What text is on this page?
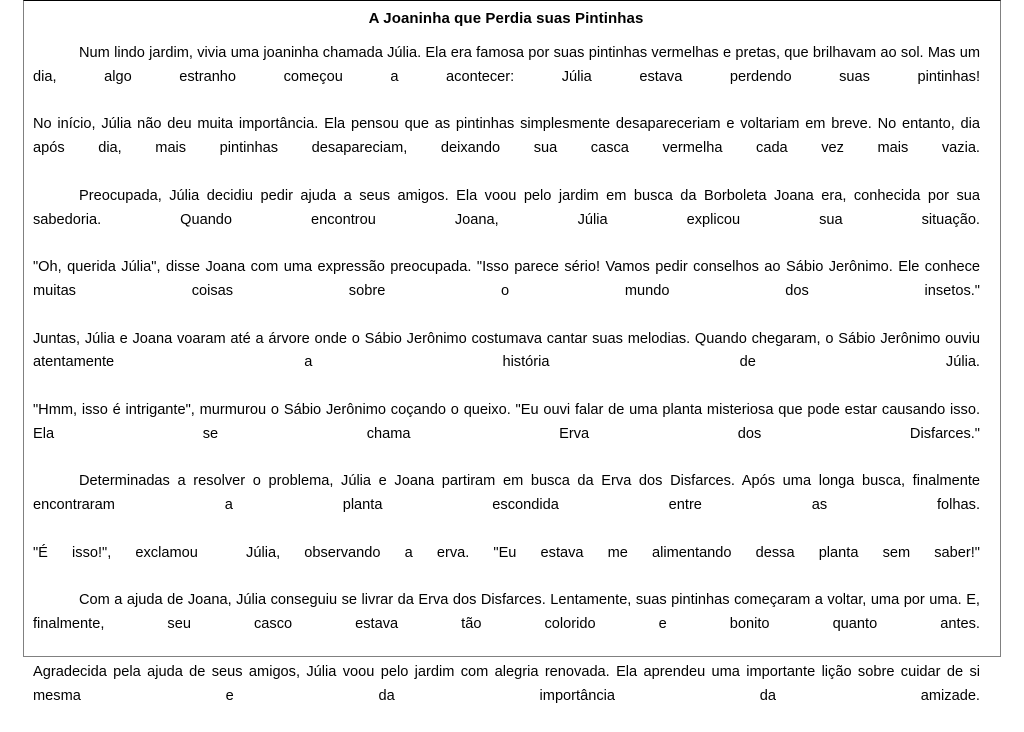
A Joaninha que Perdia suas Pintinhas

Num lindo jardim, vivia uma joaninha chamada Júlia. Ela era famosa por suas pintinhas vermelhas e pretas, que brilhavam ao sol. Mas um dia, algo estranho começou a acontecer: Júlia estava perdendo suas pintinhas!

No início, Júlia não deu muita importância. Ela pensou que as pintinhas simplesmente desapareceriam e voltariam em breve. No entanto, dia após dia, mais pintinhas desapareciam, deixando sua casca vermelha cada vez mais vazia.

Preocupada, Júlia decidiu pedir ajuda a seus amigos. Ela voou pelo jardim em busca da Borboleta Joana era, conhecida por sua sabedoria. Quando encontrou Joana, Júlia explicou sua situação.

"Oh, querida Júlia", disse Joana com uma expressão preocupada. "Isso parece sério! Vamos pedir conselhos ao Sábio Jerônimo. Ele conhece muitas coisas sobre o mundo dos insetos."

Juntas, Júlia e Joana voaram até a árvore onde o Sábio Jerônimo costumava cantar suas melodias. Quando chegaram, o Sábio Jerônimo ouviu atentamente a história de Júlia.

"Hmm, isso é intrigante", murmurou o Sábio Jerônimo coçando o queixo. "Eu ouvi falar de uma planta misteriosa que pode estar causando isso. Ela se chama Erva dos Disfarces."

Determinadas a resolver o problema, Júlia e Joana partiram em busca da Erva dos Disfarces. Após uma longa busca, finalmente encontraram a planta escondida entre as folhas.

"É isso!", exclamou  Júlia, observando a erva. "Eu estava me alimentando dessa planta sem saber!"

Com a ajuda de Joana, Júlia conseguiu se livrar da Erva dos Disfarces. Lentamente, suas pintinhas começaram a voltar, uma por uma. E, finalmente, seu casco estava tão colorido e bonito quanto antes.

Agradecida pela ajuda de seus amigos, Júlia voou pelo jardim com alegria renovada. Ela aprendeu uma importante lição sobre cuidar de si mesma e da importância da amizade.
